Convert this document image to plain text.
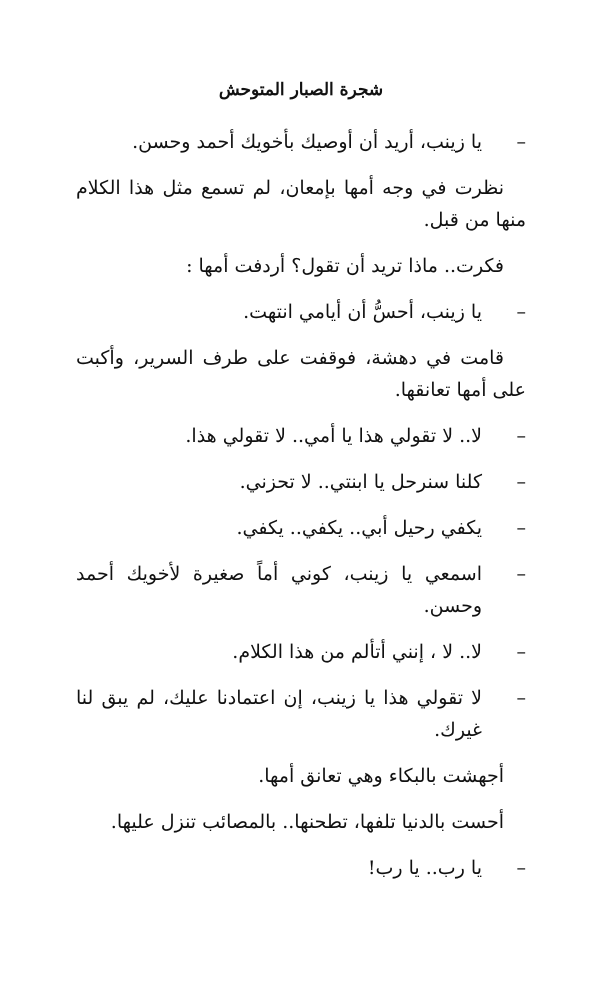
شجرة الصبار المتوحش
–
يا زينب، أريد أن أوصيك بأخويك أحمد وحسن.
نظرت في وجه أمها بإمعان، لم تسمع مثل هذا الكلام منها من قبل.
فكرت.. ماذا تريد أن تقول؟ أردفت أمها :
–
يا زينب، أحسُّ أن أيامي انتهت.
قامت في دهشة، فوقفت على طرف السرير، وأكبت على أمها تعانقها.
–
لا.. لا تقولي هذا يا أمي.. لا تقولي هذا.
–
كلنا سنرحل يا ابنتي.. لا تحزني.
–
يكفي رحيل أبي.. يكفي.. يكفي.
–
اسمعي يا زينب، كوني أماً صغيرة لأخويك أحمد وحسن.
–
لا.. لا ، إنني أتألم من هذا الكلام.
–
لا تقولي هذا يا زينب، إن اعتمادنا عليك، لم يبق لنا غيرك.
أجهشت بالبكاء وهي تعانق أمها.
أحست بالدنيا تلفها، تطحنها.. بالمصائب تنزل عليها.
–
يا رب.. يا رب!
